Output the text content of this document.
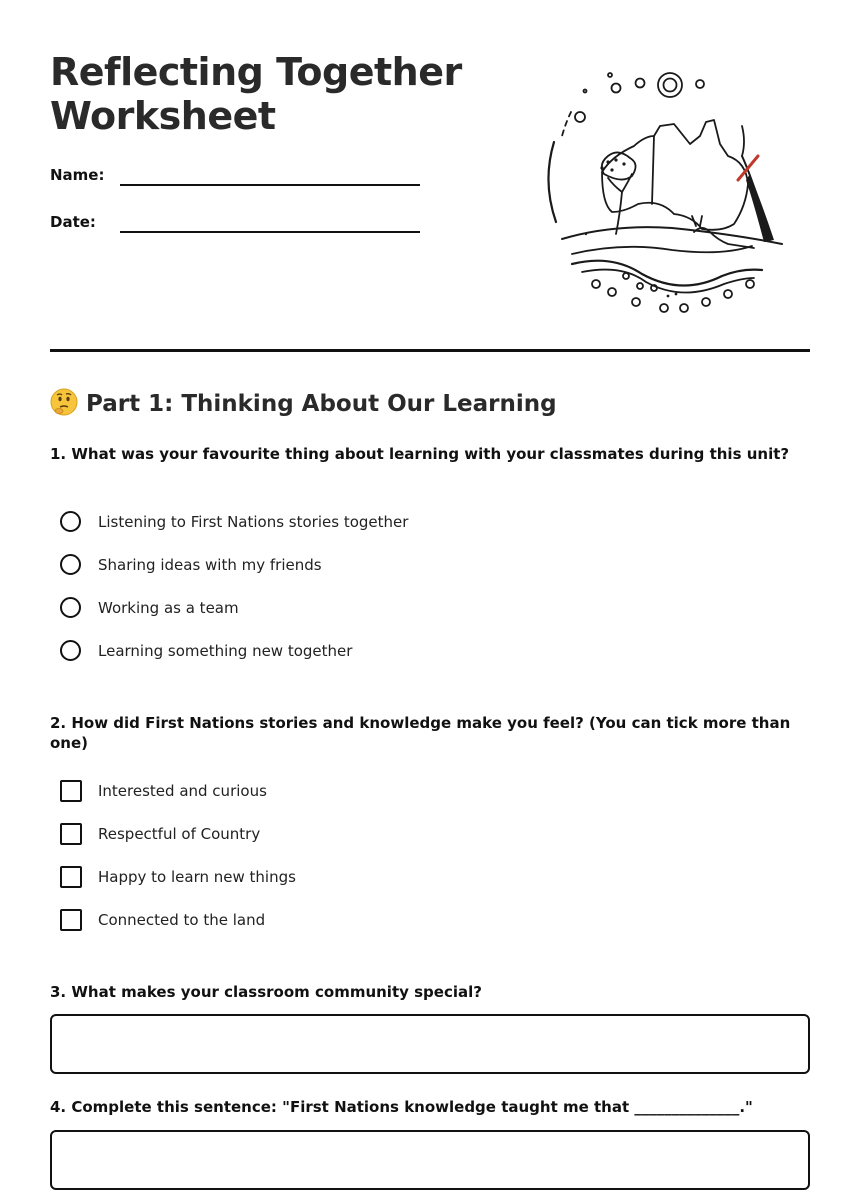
Reflecting Together
Worksheet
Name:
Date:
Part 1: Thinking About Our Learning

1. What was your favourite thing about learning with your classmates during this unit?

Listening to First Nations stories together
Sharing ideas with my friends
Working as a team
Learning something new together

2. How did First Nations stories and knowledge make you feel? (You can tick more than one)

Interested and curious
Respectful of Country
Happy to learn new things
Connected to the land

3. What makes your classroom community special?

4. Complete this sentence: "First Nations knowledge taught me that ______________."
